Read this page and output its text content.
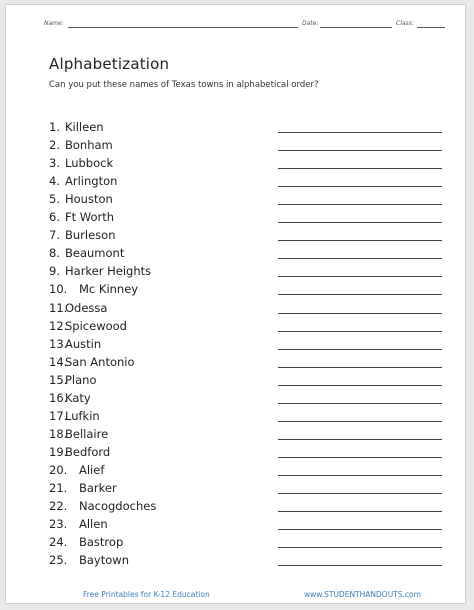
Name:	Date:	Class:
Alphabetization
Can you put these names of Texas towns in alphabetical order?
1. Killeen
2. Bonham
3. Lubbock
4. Arlington
5. Houston
6. Ft Worth
7. Burleson
8. Beaumont
9. Harker Heights
10. Mc Kinney
11.Odessa
12.Spicewood
13.Austin
14.San Antonio
15.Plano
16.Katy
17.Lufkin
18.Bellaire
19.Bedford
20. Alief
21. Barker
22. Nacogdoches
23. Allen
24. Bastrop
25. Baytown
Free Printables for K-12 Education	www.STUDENTHANDOUTS.com
